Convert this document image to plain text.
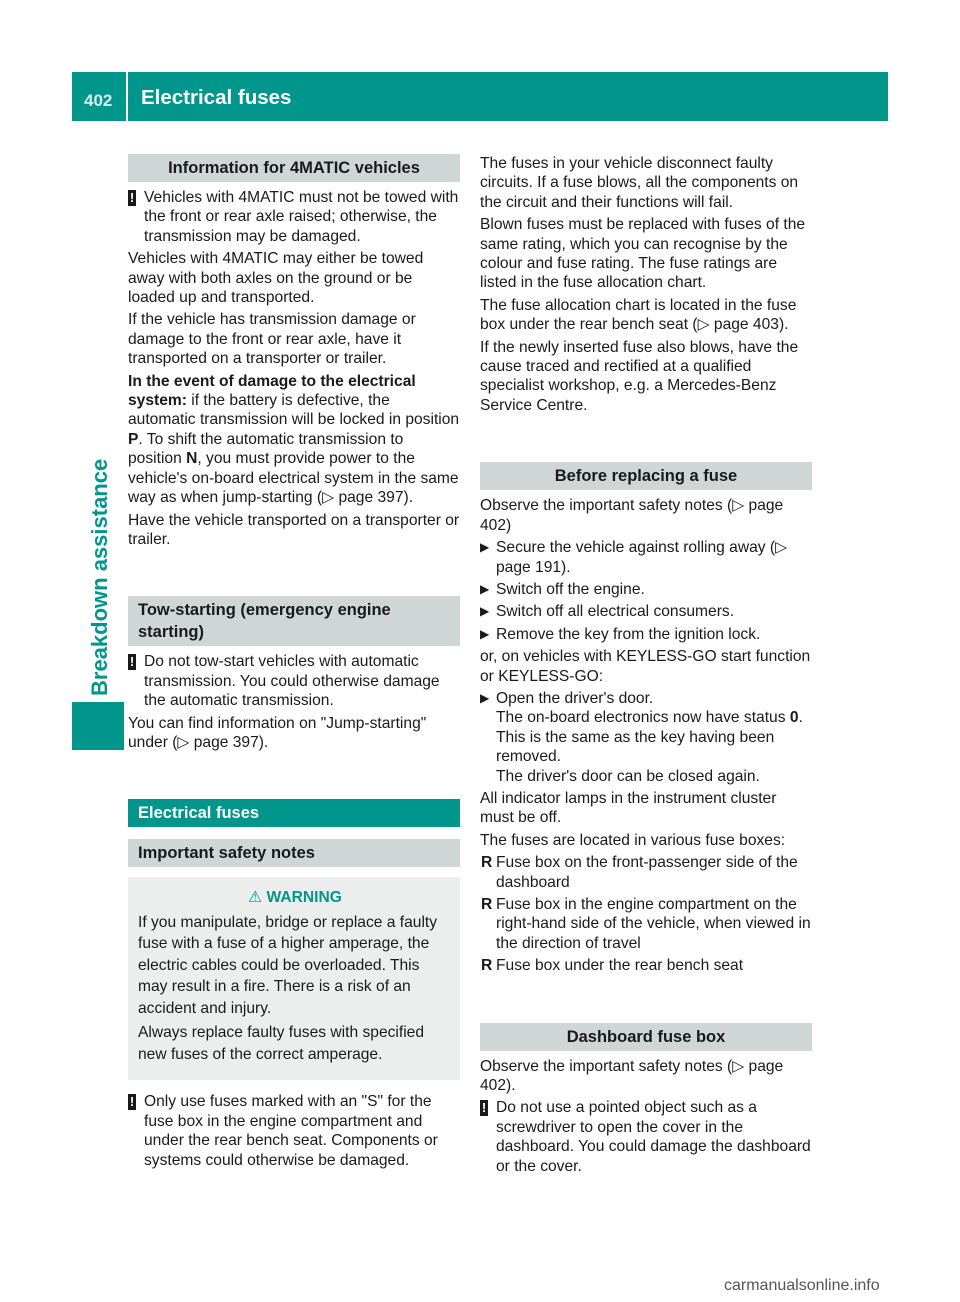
402 Electrical fuses
Breakdown assistance
Information for 4MATIC vehicles
! Vehicles with 4MATIC must not be towed with the front or rear axle raised; otherwise, the transmission may be damaged.

Vehicles with 4MATIC may either be towed away with both axles on the ground or be loaded up and transported.

If the vehicle has transmission damage or damage to the front or rear axle, have it transported on a transporter or trailer.

In the event of damage to the electrical system: if the battery is defective, the automatic transmission will be locked in position P. To shift the automatic transmission to position N, you must provide power to the vehicle's on-board electrical system in the same way as when jump-starting (▷ page 397).

Have the vehicle transported on a transporter or trailer.

Tow-starting (emergency engine starting)
! Do not tow-start vehicles with automatic transmission. You could otherwise damage the automatic transmission.

You can find information on "Jump-starting" under (▷ page 397).

Electrical fuses
Important safety notes
⚠ WARNING

If you manipulate, bridge or replace a faulty fuse with a fuse of a higher amperage, the electric cables could be overloaded. This may result in a fire. There is a risk of an accident and injury.

Always replace faulty fuses with specified new fuses of the correct amperage.

! Only use fuses marked with an "S" for the fuse box in the engine compartment and under the rear bench seat. Components or systems could otherwise be damaged.

The fuses in your vehicle disconnect faulty circuits. If a fuse blows, all the components on the circuit and their functions will fail.

Blown fuses must be replaced with fuses of the same rating, which you can recognise by the colour and fuse rating. The fuse ratings are listed in the fuse allocation chart.

The fuse allocation chart is located in the fuse box under the rear bench seat (▷ page 403).

If the newly inserted fuse also blows, have the cause traced and rectified at a qualified specialist workshop, e.g. a Mercedes-Benz Service Centre.

Before replacing a fuse

Observe the important safety notes (▷ page 402)

▶ Secure the vehicle against rolling away (▷ page 191).
▶ Switch off the engine.
▶ Switch off all electrical consumers.
▶ Remove the key from the ignition lock.

or, on vehicles with KEYLESS-GO start function or KEYLESS-GO:

▶ Open the driver's door.
The on-board electronics now have status 0. This is the same as the key having been removed.
The driver's door can be closed again.

All indicator lamps in the instrument cluster must be off.

The fuses are located in various fuse boxes:

R Fuse box on the front-passenger side of the dashboard
R Fuse box in the engine compartment on the right-hand side of the vehicle, when viewed in the direction of travel
R Fuse box under the rear bench seat
Dashboard fuse box

Observe the important safety notes (▷ page 402).

! Do not use a pointed object such as a screwdriver to open the cover in the dashboard. You could damage the dashboard or the cover.
carmanualsonline.info
